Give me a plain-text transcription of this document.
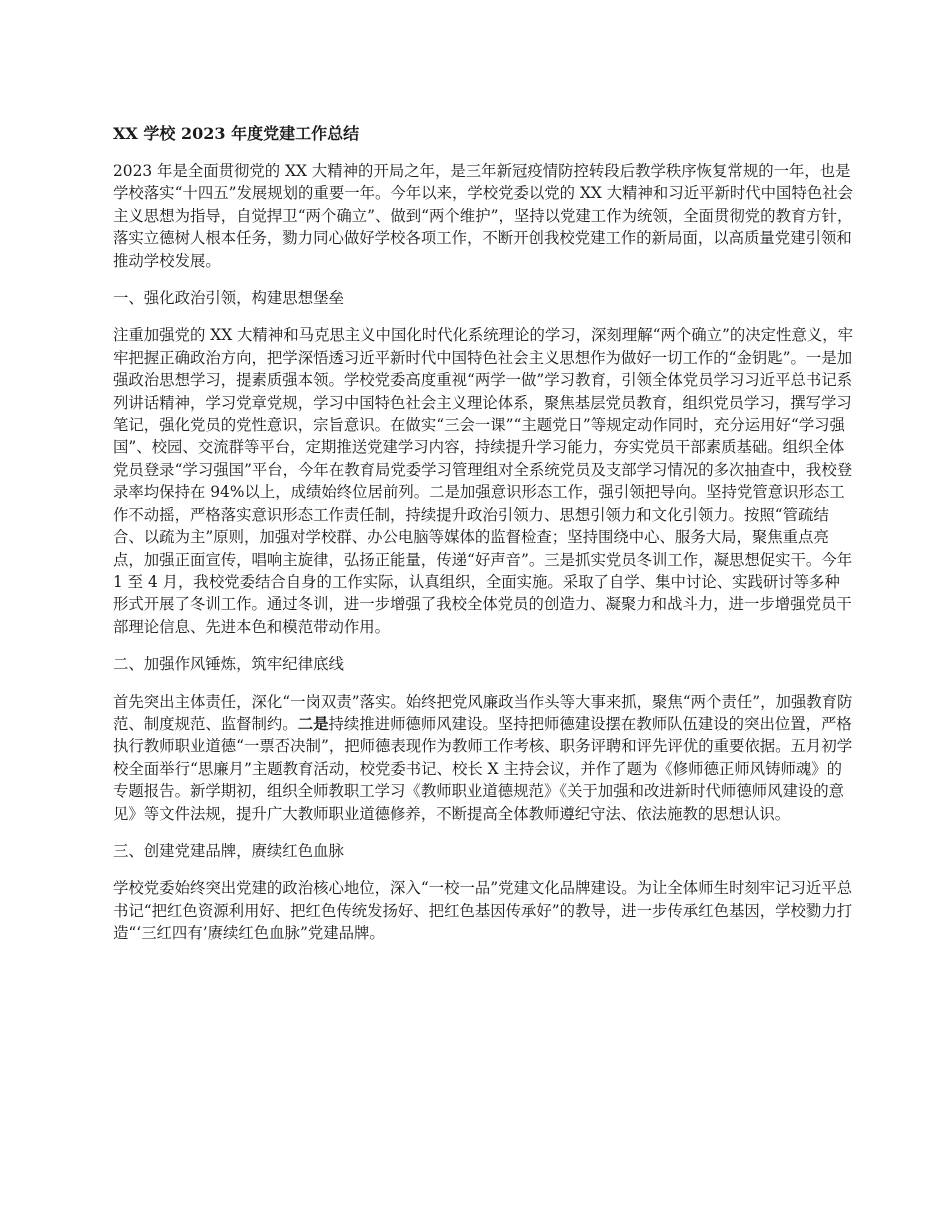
XX 学校 2023 年度党建工作总结

2023 年是全面贯彻党的 XX 大精神的开局之年，是三年新冠疫情防控转段后教学秩序恢复常规的一年，也是学校落实“十四五”发展规划的重要一年。今年以来，学校党委以党的 XX 大精神和习近平新时代中国特色社会主义思想为指导，自觉捍卫“两个确立”、做到“两个维护”，坚持以党建工作为统领，全面贯彻党的教育方针，落实立德树人根本任务，勠力同心做好学校各项工作，不断开创我校党建工作的新局面，以高质量党建引领和推动学校发展。

一、强化政治引领，构建思想堡垒

注重加强党的 XX 大精神和马克思主义中国化时代化系统理论的学习，深刻理解“两个确立”的决定性意义，牢牢把握正确政治方向，把学深悟透习近平新时代中国特色社会主义思想作为做好一切工作的“金钥匙”。一是加强政治思想学习，提素质强本领。学校党委高度重视“两学一做”学习教育，引领全体党员学习习近平总书记系列讲话精神，学习党章党规，学习中国特色社会主义理论体系，聚焦基层党员教育，组织党员学习，撰写学习笔记，强化党员的党性意识，宗旨意识。在做实“三会一课”“主题党日”等规定动作同时，充分运用好“学习强国”、校园、交流群等平台，定期推送党建学习内容，持续提升学习能力，夯实党员干部素质基础。组织全体党员登录“学习强国”平台，今年在教育局党委学习管理组对全系统党员及支部学习情况的多次抽查中，我校登录率均保持在 94%以上，成绩始终位居前列。二是加强意识形态工作，强引领把导向。坚持党管意识形态工作不动摇，严格落实意识形态工作责任制，持续提升政治引领力、思想引领力和文化引领力。按照“管疏结合、以疏为主”原则，加强对学校群、办公电脑等媒体的监督检查；坚持围绕中心、服务大局，聚焦重点亮点，加强正面宣传，唱响主旋律，弘扬正能量，传递“好声音”。三是抓实党员冬训工作，凝思想促实干。今年 1 至 4 月，我校党委结合自身的工作实际，认真组织，全面实施。采取了自学、集中讨论、实践研讨等多种形式开展了冬训工作。通过冬训，进一步增强了我校全体党员的创造力、凝聚力和战斗力，进一步增强党员干部理论信息、先进本色和模范带动作用。

二、加强作风锤炼，筑牢纪律底线

首先突出主体责任，深化“一岗双责”落实。始终把党风廉政当作头等大事来抓，聚焦“两个责任”，加强教育防范、制度规范、监督制约。二是持续推进师德师风建设。坚持把师德建设摆在教师队伍建设的突出位置，严格执行教师职业道德“一票否决制”，把师德表现作为教师工作考核、职务评聘和评先评优的重要依据。五月初学校全面举行“思廉月”主题教育活动，校党委书记、校长 X 主持会议，并作了题为《修师德正师风铸师魂》的专题报告。新学期初，组织全师教职工学习《教师职业道德规范》《关于加强和改进新时代师德师风建设的意见》等文件法规，提升广大教师职业道德修养，不断提高全体教师遵纪守法、依法施教的思想认识。

三、创建党建品牌，赓续红色血脉

学校党委始终突出党建的政治核心地位，深入“一校一品”党建文化品牌建设。为让全体师生时刻牢记习近平总书记“把红色资源利用好、把红色传统发扬好、把红色基因传承好”的教导，进一步传承红色基因，学校勠力打造“‘三红四有’赓续红色血脉”党建品牌。
